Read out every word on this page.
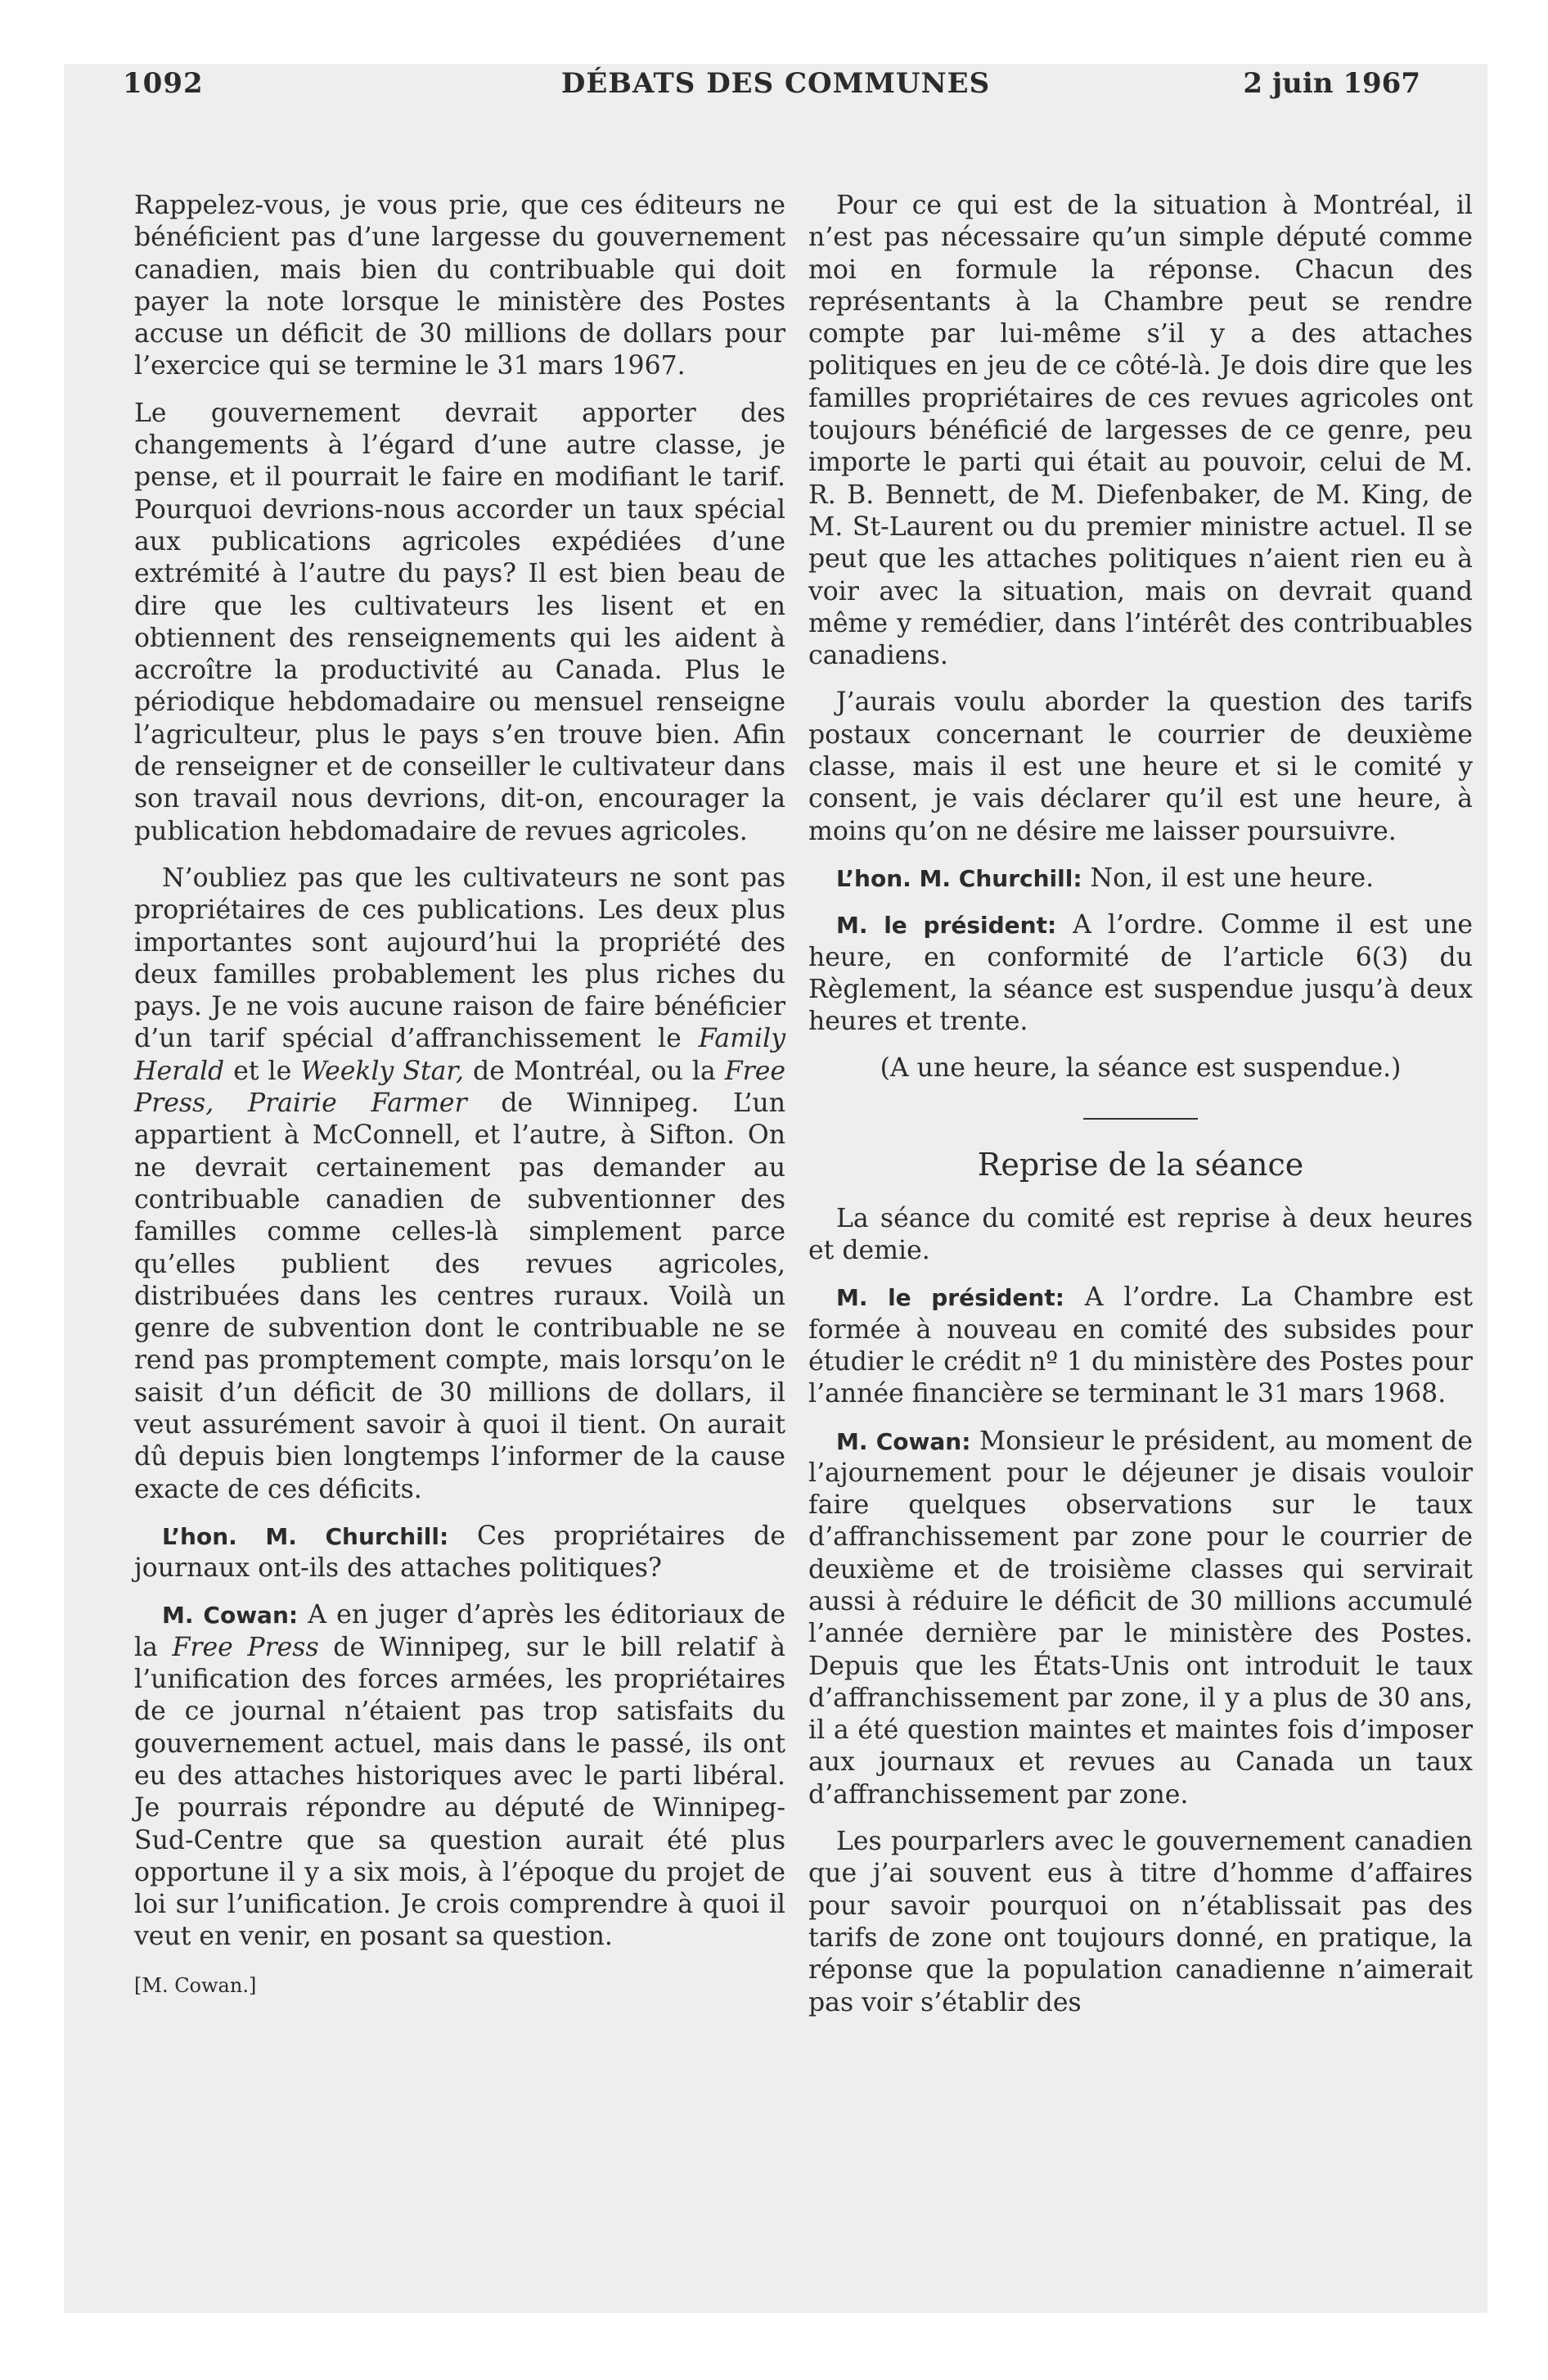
1092	DÉBATS DES COMMUNES	2 juin 1967

Rappelez-vous, je vous prie, que ces éditeurs ne bénéficient pas d’une largesse du gouvernement canadien, mais bien du contribuable qui doit payer la note lorsque le ministère des Postes accuse un déficit de 30 millions de dollars pour l’exercice qui se termine le 31 mars 1967.

Le gouvernement devrait apporter des changements à l’égard d’une autre classe, je pense, et il pourrait le faire en modifiant le tarif. Pourquoi devrions-nous accorder un taux spécial aux publications agricoles expédiées d’une extrémité à l’autre du pays? Il est bien beau de dire que les cultivateurs les lisent et en obtiennent des renseignements qui les aident à accroître la productivité au Canada. Plus le périodique hebdomadaire ou mensuel renseigne l’agriculteur, plus le pays s’en trouve bien. Afin de renseigner et de conseiller le cultivateur dans son travail nous devrions, dit-on, encourager la publication hebdomadaire de revues agricoles.

N’oubliez pas que les cultivateurs ne sont pas propriétaires de ces publications. Les deux plus importantes sont aujourd’hui la propriété des deux familles probablement les plus riches du pays. Je ne vois aucune raison de faire bénéficier d’un tarif spécial d’affranchissement le Family Herald et le Weekly Star, de Montréal, ou la Free Press, Prairie Farmer de Winnipeg. L’un appartient à McConnell, et l’autre, à Sifton. On ne devrait certainement pas demander au contribuable canadien de subventionner des familles comme celles-là simplement parce qu’elles publient des revues agricoles, distribuées dans les centres ruraux. Voilà un genre de subvention dont le contribuable ne se rend pas promptement compte, mais lorsqu’on le saisit d’un déficit de 30 millions de dollars, il veut assurément savoir à quoi il tient. On aurait dû depuis bien longtemps l’informer de la cause exacte de ces déficits.

L’hon. M. Churchill: Ces propriétaires de journaux ont-ils des attaches politiques?

M. Cowan: A en juger d’après les éditoriaux de la Free Press de Winnipeg, sur le bill relatif à l’unification des forces armées, les propriétaires de ce journal n’étaient pas trop satisfaits du gouvernement actuel, mais dans le passé, ils ont eu des attaches historiques avec le parti libéral. Je pourrais répondre au député de Winnipeg-Sud-Centre que sa question aurait été plus opportune il y a six mois, à l’époque du projet de loi sur l’unification. Je crois comprendre à quoi il veut en venir, en posant sa question.

[M. Cowan.]

Pour ce qui est de la situation à Montréal, il n’est pas nécessaire qu’un simple député comme moi en formule la réponse. Chacun des représentants à la Chambre peut se rendre compte par lui-même s’il y a des attaches politiques en jeu de ce côté-là. Je dois dire que les familles propriétaires de ces revues agricoles ont toujours bénéficié de largesses de ce genre, peu importe le parti qui était au pouvoir, celui de M. R. B. Bennett, de M. Diefenbaker, de M. King, de M. St-Laurent ou du premier ministre actuel. Il se peut que les attaches politiques n’aient rien eu à voir avec la situation, mais on devrait quand même y remédier, dans l’intérêt des contribuables canadiens.

J’aurais voulu aborder la question des tarifs postaux concernant le courrier de deuxième classe, mais il est une heure et si le comité y consent, je vais déclarer qu’il est une heure, à moins qu’on ne désire me laisser poursuivre.

L’hon. M. Churchill: Non, il est une heure.

M. le président: A l’ordre. Comme il est une heure, en conformité de l’article 6(3) du Règlement, la séance est suspendue jusqu’à deux heures et trente.

(A une heure, la séance est suspendue.)

Reprise de la séance

La séance du comité est reprise à deux heures et demie.

M. le président: A l’ordre. La Chambre est formée à nouveau en comité des subsides pour étudier le crédit nº 1 du ministère des Postes pour l’année financière se terminant le 31 mars 1968.

M. Cowan: Monsieur le président, au moment de l’ajournement pour le déjeuner je disais vouloir faire quelques observations sur le taux d’affranchissement par zone pour le courrier de deuxième et de troisième classes qui servirait aussi à réduire le déficit de 30 millions accumulé l’année dernière par le ministère des Postes. Depuis que les États-Unis ont introduit le taux d’affranchissement par zone, il y a plus de 30 ans, il a été question maintes et maintes fois d’imposer aux journaux et revues au Canada un taux d’affranchissement par zone.

Les pourparlers avec le gouvernement canadien que j’ai souvent eus à titre d’homme d’affaires pour savoir pourquoi on n’établissait pas des tarifs de zone ont toujours donné, en pratique, la réponse que la population canadienne n’aimerait pas voir s’établir des
